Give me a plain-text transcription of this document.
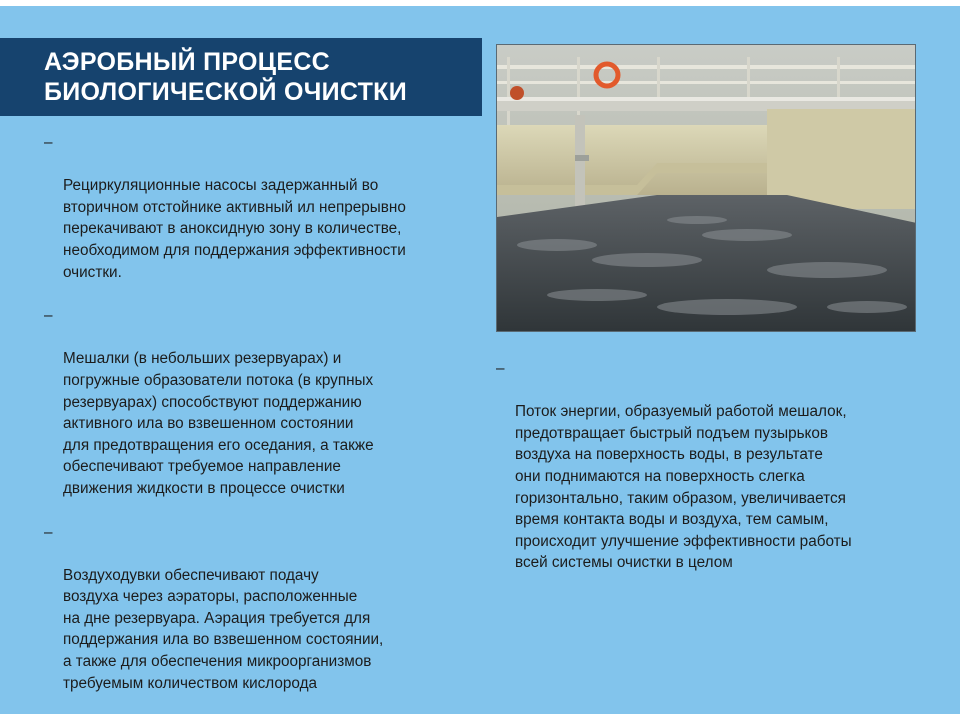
АЭРОБНЫЙ ПРОЦЕСС
БИОЛОГИЧЕСКОЙ ОЧИСТКИ

–

Рециркуляционные насосы задержанный во
вторичном отстойнике активный ил непрерывно
перекачивают в аноксидную зону в количестве,
необходимом для поддержания эффективности
очистки.

–

Мешалки (в небольших резервуарах) и
погружные образователи потока (в крупных
резервуарах) способствуют поддержанию
активного ила во взвешенном состоянии
для предотвращения его оседания, а также
обеспечивают требуемое направление
движения жидкости в процессе очистки

–

Воздуходувки обеспечивают подачу
воздуха через аэраторы, расположенные
на дне резервуара. Аэрация требуется для
поддержания ила во взвешенном состоянии,
а также для обеспечения микроорганизмов
требуемым количеством кислорода

–

Поток энергии, образуемый работой мешалок,
предотвращает быстрый подъем пузырьков
воздуха на поверхность воды, в результате
они поднимаются на поверхность слегка
горизонтально, таким образом, увеличивается
время контакта воды и воздуха, тем самым,
происходит улучшение эффективности работы
всей системы очистки в целом
